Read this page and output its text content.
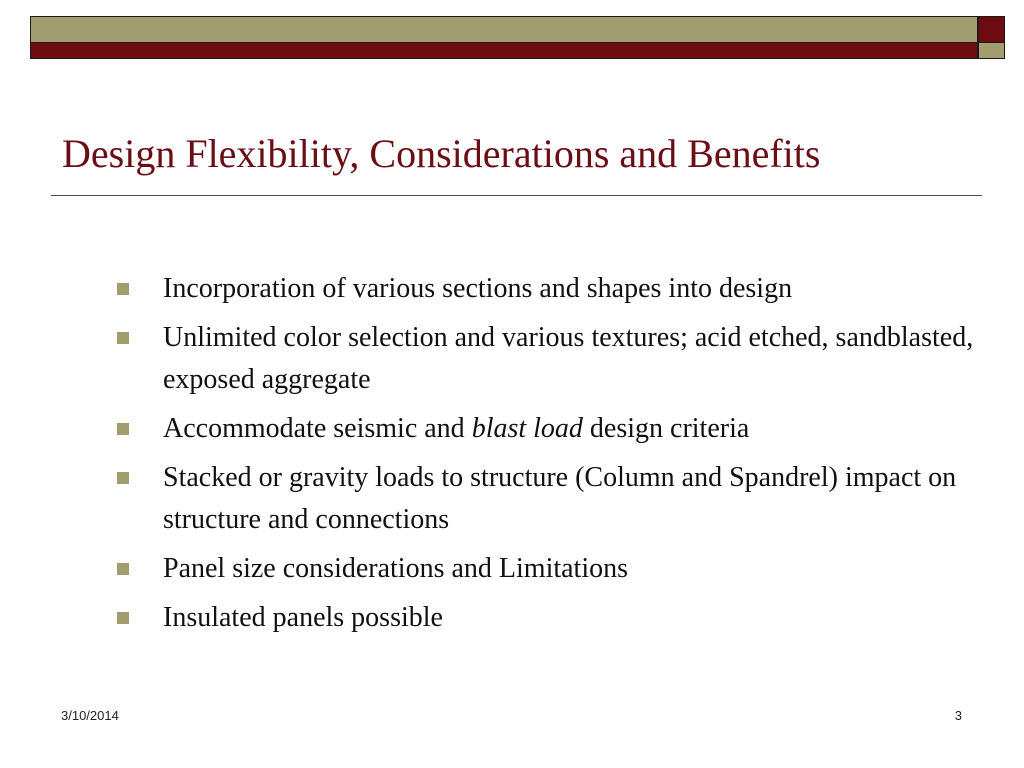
Design Flexibility, Considerations and Benefits
Incorporation of various sections and shapes into design
Unlimited color selection and various textures; acid etched, sandblasted, exposed aggregate
Accommodate seismic and blast load design criteria
Stacked or gravity loads to structure (Column and Spandrel) impact on structure and connections
Panel size considerations and Limitations
Insulated panels possible
3/10/2014	3
